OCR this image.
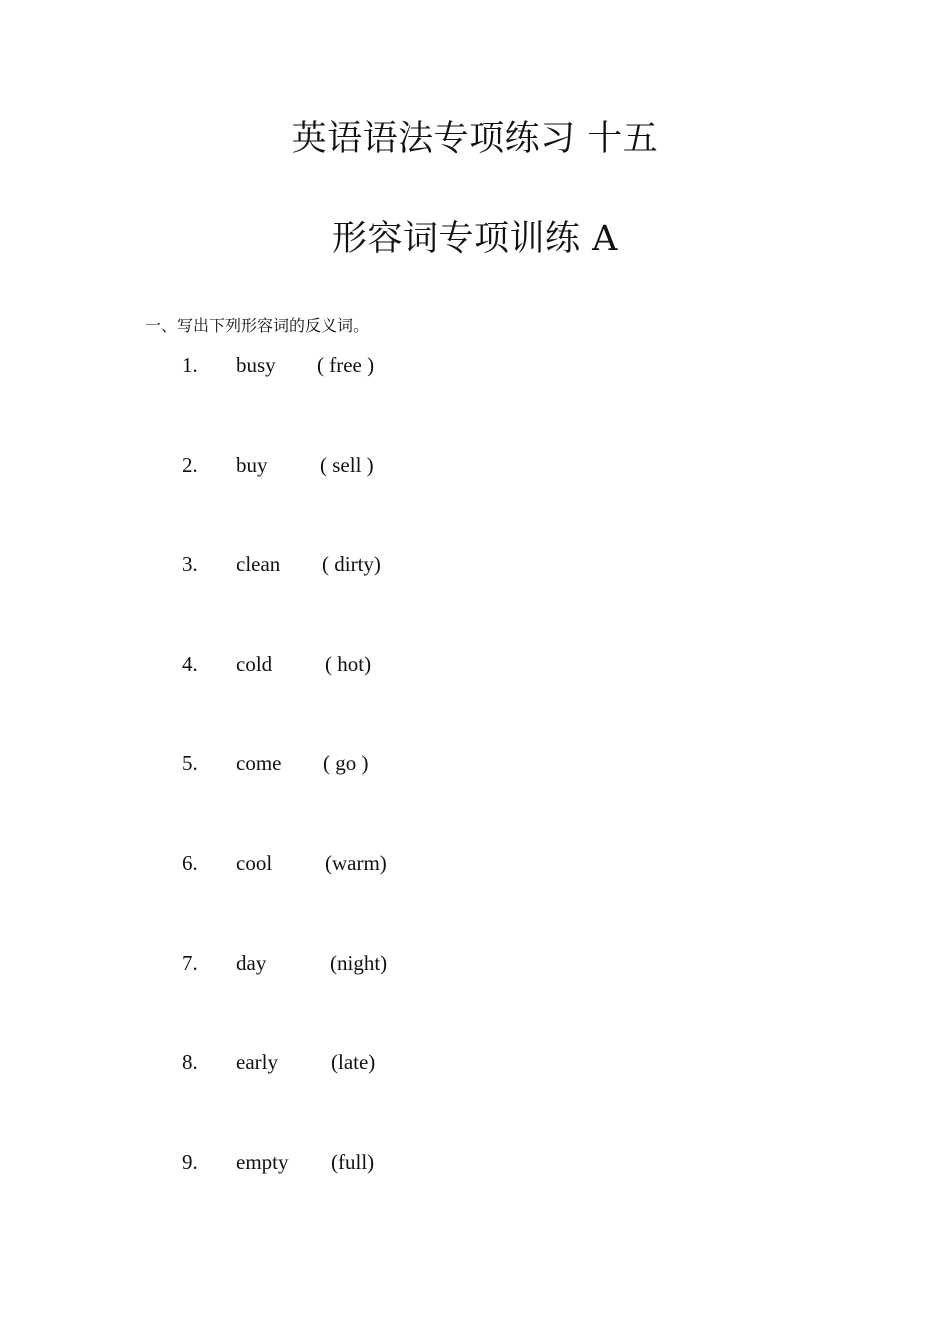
英语语法专项练习 十五
形容词专项训练 A

一、写出下列形容词的反义词。

1. busy ( free )
2. buy	( sell )
3. clean ( dirty)
4. cold	( hot)
5. come ( go )
6. cool	(warm)
7. day	(night)
8. early	(late)
9. empty (full)
